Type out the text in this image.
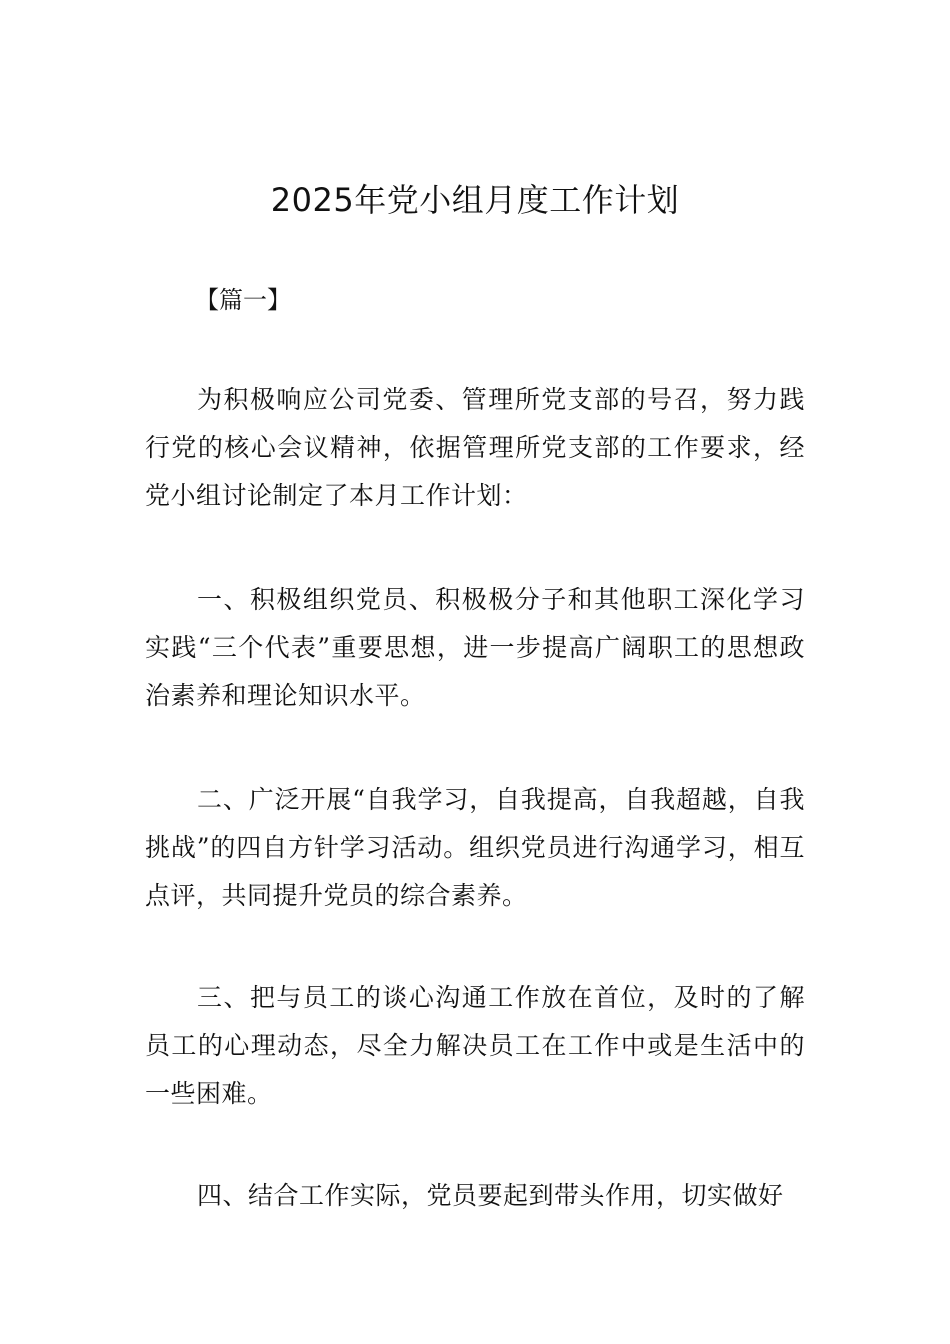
2025年党小组月度工作计划

【篇一】

为积极响应公司党委、管理所党支部的号召，努力践行党的核心会议精神，依据管理所党支部的工作要求，经党小组讨论制定了本月工作计划：

一、积极组织党员、积极极分子和其他职工深化学习实践“三个代表”重要思想，进一步提高广阔职工的思想政治素养和理论知识水平。

二、广泛开展“自我学习，自我提高，自我超越，自我挑战”的四自方针学习活动。组织党员进行沟通学习，相互点评，共同提升党员的综合素养。

三、把与员工的谈心沟通工作放在首位，及时的了解员工的心理动态，尽全力解决员工在工作中或是生活中的一些困难。

四、结合工作实际，党员要起到带头作用，切实做好
